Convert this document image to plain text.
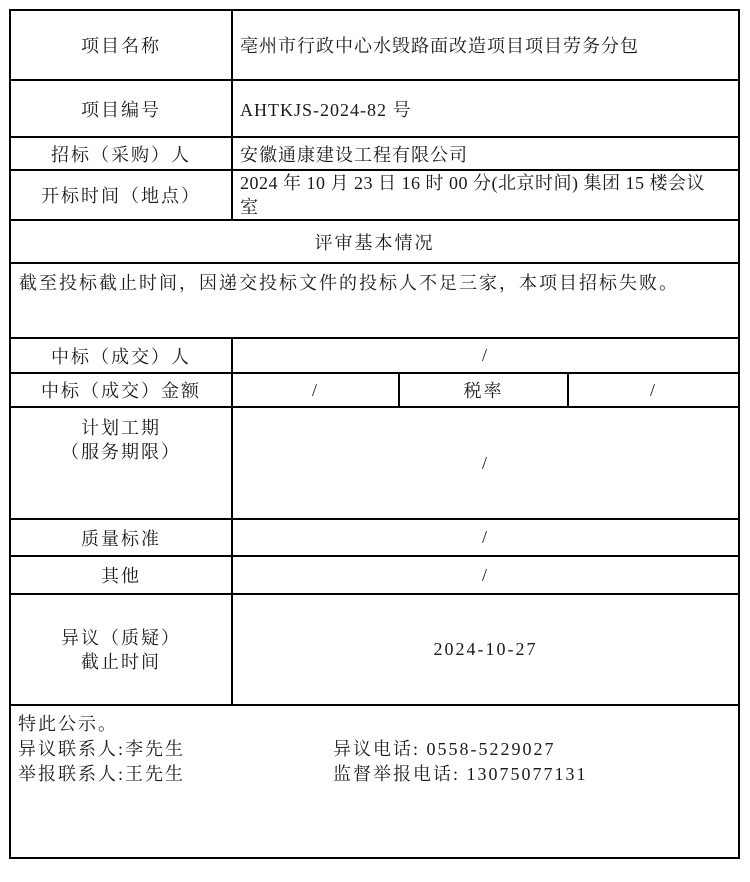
项目名称	亳州市行政中心水毁路面改造项目项目劳务分包		
项目编号	AHTKJS-2024-82 号		
招标（采购）人	安徽通康建设工程有限公司		
开标时间（地点）	2024 年 10 月 23 日 16 时 00 分(北京时间) 集团 15 楼会议
室		

评审基本情况			
截至投标截止时间，因递交投标文件的投标人不足三家，本项目招标失败。			
中标（成交）人	/		
中标（成交）金额	/	税率	/

计划工期
（服务期限）	/		
质量标准	/		
其他	/		

异议（质疑）
截止时间	2024-10-27		

特此公示。
异议联系人:李先生 异议电话: 0558-5229027
举报联系人:王先生 监督举报电话: 13075077131			
